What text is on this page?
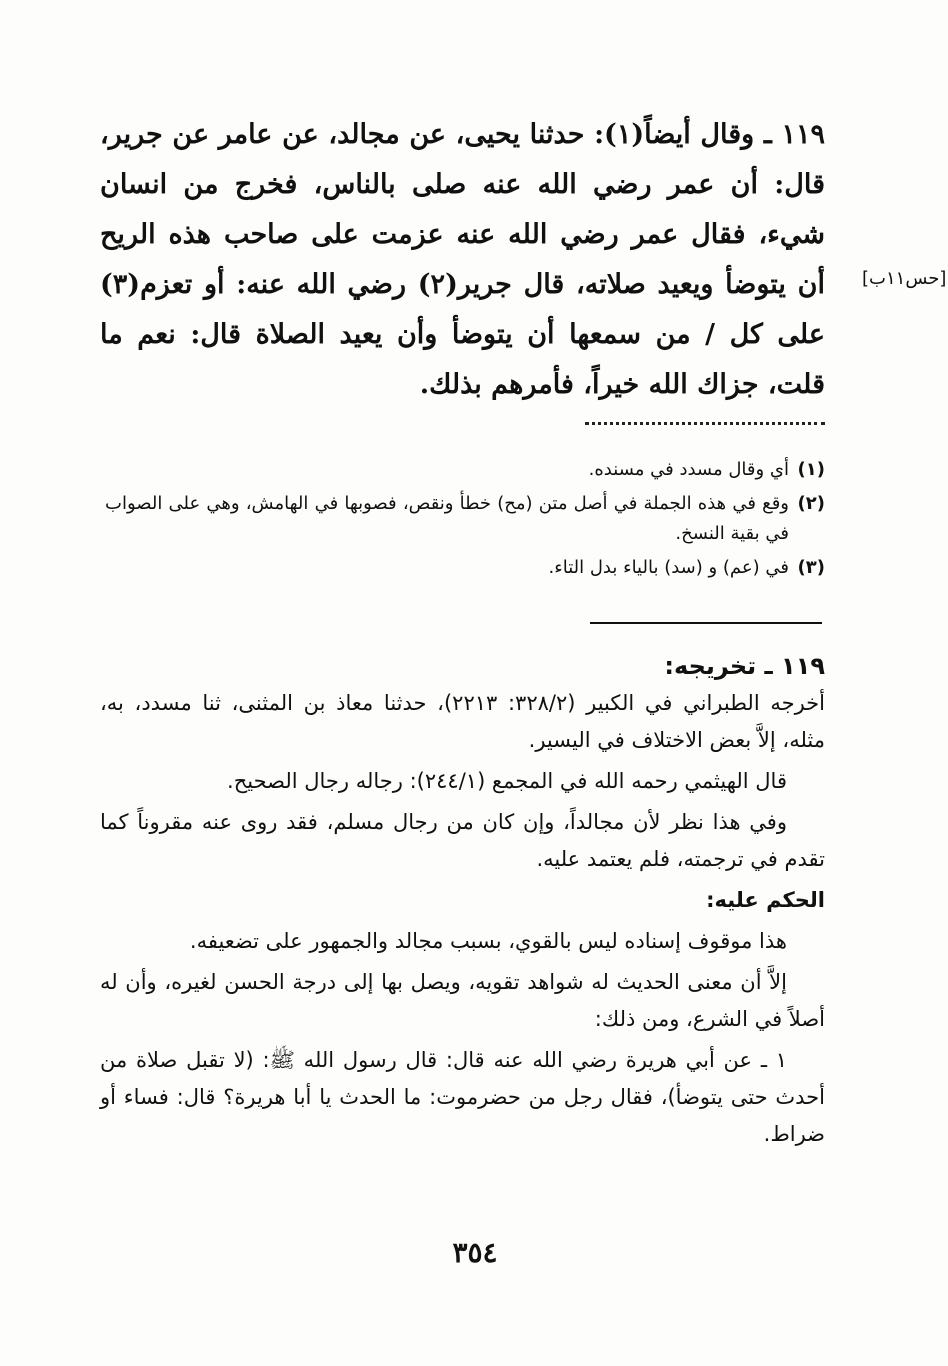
١١٩ ـ وقال أيضاً(١): حدثنا يحيى، عن مجالد، عن عامر عن جرير، قال: أن عمر رضي الله عنه صلى بالناس، فخرج من انسان شيء، فقال عمر رضي الله عنه عزمت على صاحب هذه الريح أن يتوضأ ويعيد صلاته، قال جرير(٢) رضي الله عنه: أو تعزم(٣) على كل / من سمعها أن يتوضأ وأن يعيد الصلاة قال: نعم ما قلت، جزاك الله خيراً، فأمرهم بذلك.
[حس١١ب]
(١)
أي وقال مسدد في مسنده.
(٢)
وقع في هذه الجملة في أصل متن (مح) خطأ ونقص، فصوبها في الهامش، وهي على الصواب في بقية النسخ.
(٣)
في (عم) و (سد) بالياء بدل التاء.
١١٩ ـ تخريجه:

أخرجه الطبراني في الكبير (٣٢٨/٢: ٢٢١٣)، حدثنا معاذ بن المثنى، ثنا مسدد، به، مثله، إلاَّ بعض الاختلاف في اليسير.

قال الهيثمي رحمه الله في المجمع (٢٤٤/١): رجاله رجال الصحيح.

وفي هذا نظر لأن مجالداً، وإن كان من رجال مسلم، فقد روى عنه مقروناً كما تقدم في ترجمته، فلم يعتمد عليه.

الحكم عليه:

هذا موقوف إسناده ليس بالقوي، بسبب مجالد والجمهور على تضعيفه.

إلاَّ أن معنى الحديث له شواهد تقويه، ويصل بها إلى درجة الحسن لغيره، وأن له أصلاً في الشرع، ومن ذلك:

١ ـ عن أبي هريرة رضي الله عنه قال: قال رسول الله ﷺ: (لا تقبل صلاة من أحدث حتى يتوضأ)، فقال رجل من حضرموت: ما الحدث يا أبا هريرة؟ قال: فساء أو ضراط.

٣٥٤
